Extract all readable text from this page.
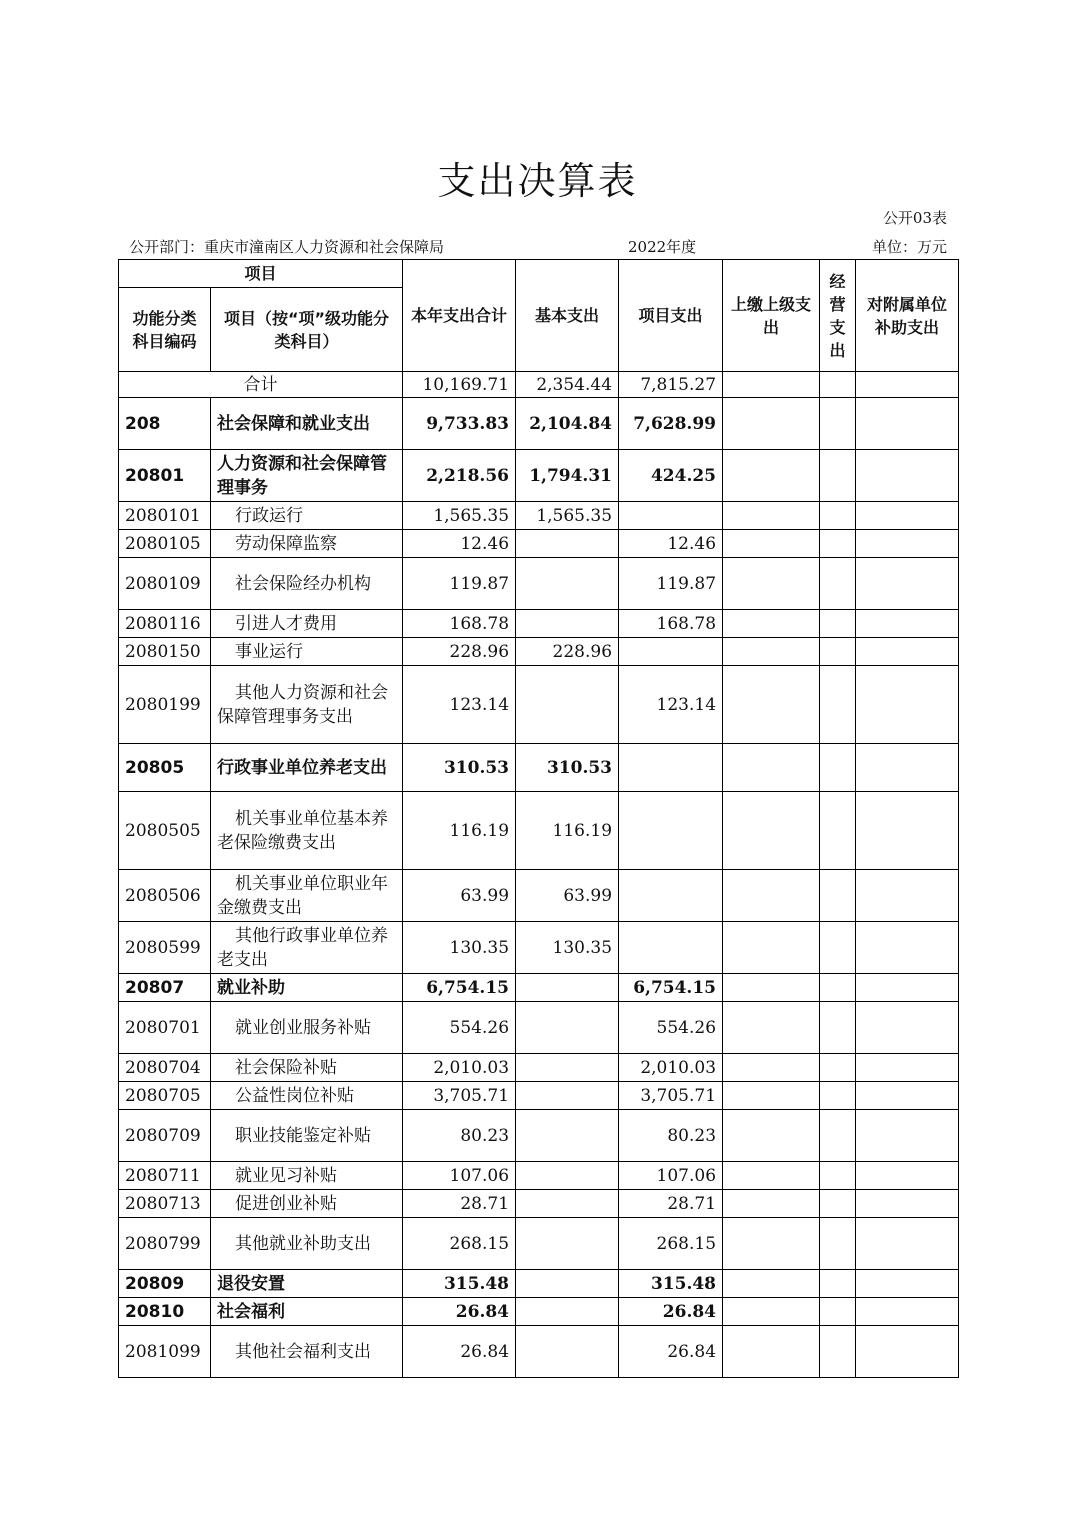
支出决算表
公开03表
公开部门：重庆市潼南区人力资源和社会保障局	2022年度	单位：万元
项目		本年支出合计	基本支出	项目支出	上缴上级支出	经营支出	对附属单位补助支出
功能分类科目编码	项目（按“项”级功能分类科目）						
合计		10,169.71	2,354.44	7,815.27			
208	社会保障和就业支出	9,733.83	2,104.84	7,628.99			
20801	人力资源和社会保障管理事务	2,218.56	1,794.31	424.25			
2080101	行政运行	1,565.35	1,565.35				
2080105	劳动保障监察	12.46		12.46			
2080109	社会保险经办机构	119.87		119.87			
2080116	引进人才费用	168.78		168.78			
2080150	事业运行	228.96	228.96				
2080199	其他人力资源和社会保障管理事务支出	123.14		123.14			
20805	行政事业单位养老支出	310.53	310.53				
2080505	机关事业单位基本养老保险缴费支出	116.19	116.19				
2080506	机关事业单位职业年金缴费支出	63.99	63.99				
2080599	其他行政事业单位养老支出	130.35	130.35				
20807	就业补助	6,754.15		6,754.15			
2080701	就业创业服务补贴	554.26		554.26			
2080704	社会保险补贴	2,010.03		2,010.03			
2080705	公益性岗位补贴	3,705.71		3,705.71			
2080709	职业技能鉴定补贴	80.23		80.23			
2080711	就业见习补贴	107.06		107.06			
2080713	促进创业补贴	28.71		28.71			
2080799	其他就业补助支出	268.15		268.15			
20809	退役安置	315.48		315.48			
20810	社会福利	26.84		26.84			
2081099	其他社会福利支出	26.84		26.84			
